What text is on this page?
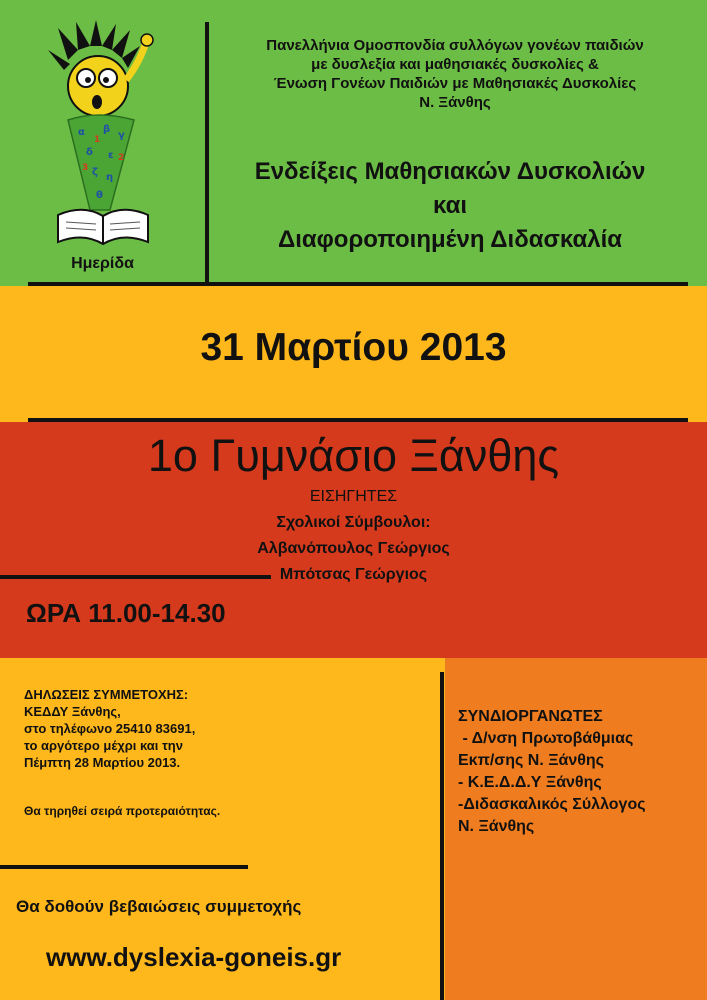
α β
γ
δ ε
ζ η
θ
1
2
3
Ημερίδα
Πανελλήνια Ομοσπονδία συλλόγων γονέων παιδιών
με δυσλεξία και μαθησιακές δυσκολίες &
Ένωση Γονέων Παιδιών με Μαθησιακές Δυσκολίες
Ν. Ξάνθης
Ενδείξεις Μαθησιακών Δυσκολιών
και
Διαφοροποιημένη Διδασκαλία
31 Μαρτίου 2013
1ο Γυμνάσιο Ξάνθης
ΕΙΣΗΓΗΤΕΣ
Σχολικοί Σύμβουλοι:
Αλβανόπουλος Γεώργιος
Μπότσας Γεώργιος
ΩΡΑ 11.00-14.30
ΔΗΛΩΣΕΙΣ ΣΥΜΜΕΤΟΧΗΣ:
ΚΕΔΔΥ Ξάνθης,
στο τηλέφωνο 25410 83691,
το αργότερο μέχρι και την
Πέμπτη 28 Μαρτίου 2013.
Θα τηρηθεί σειρά προτεραιότητας.
ΣΥΝΔΙΟΡΓΑΝΩΤΕΣ
- Δ/νση Πρωτοβάθμιας
Εκπ/σης Ν. Ξάνθης
- Κ.Ε.Δ.Δ.Υ Ξάνθης
-Διδασκαλικός Σύλλογος
Ν. Ξάνθης
Θα δοθούν βεβαιώσεις συμμετοχής
www.dyslexia-goneis.gr
